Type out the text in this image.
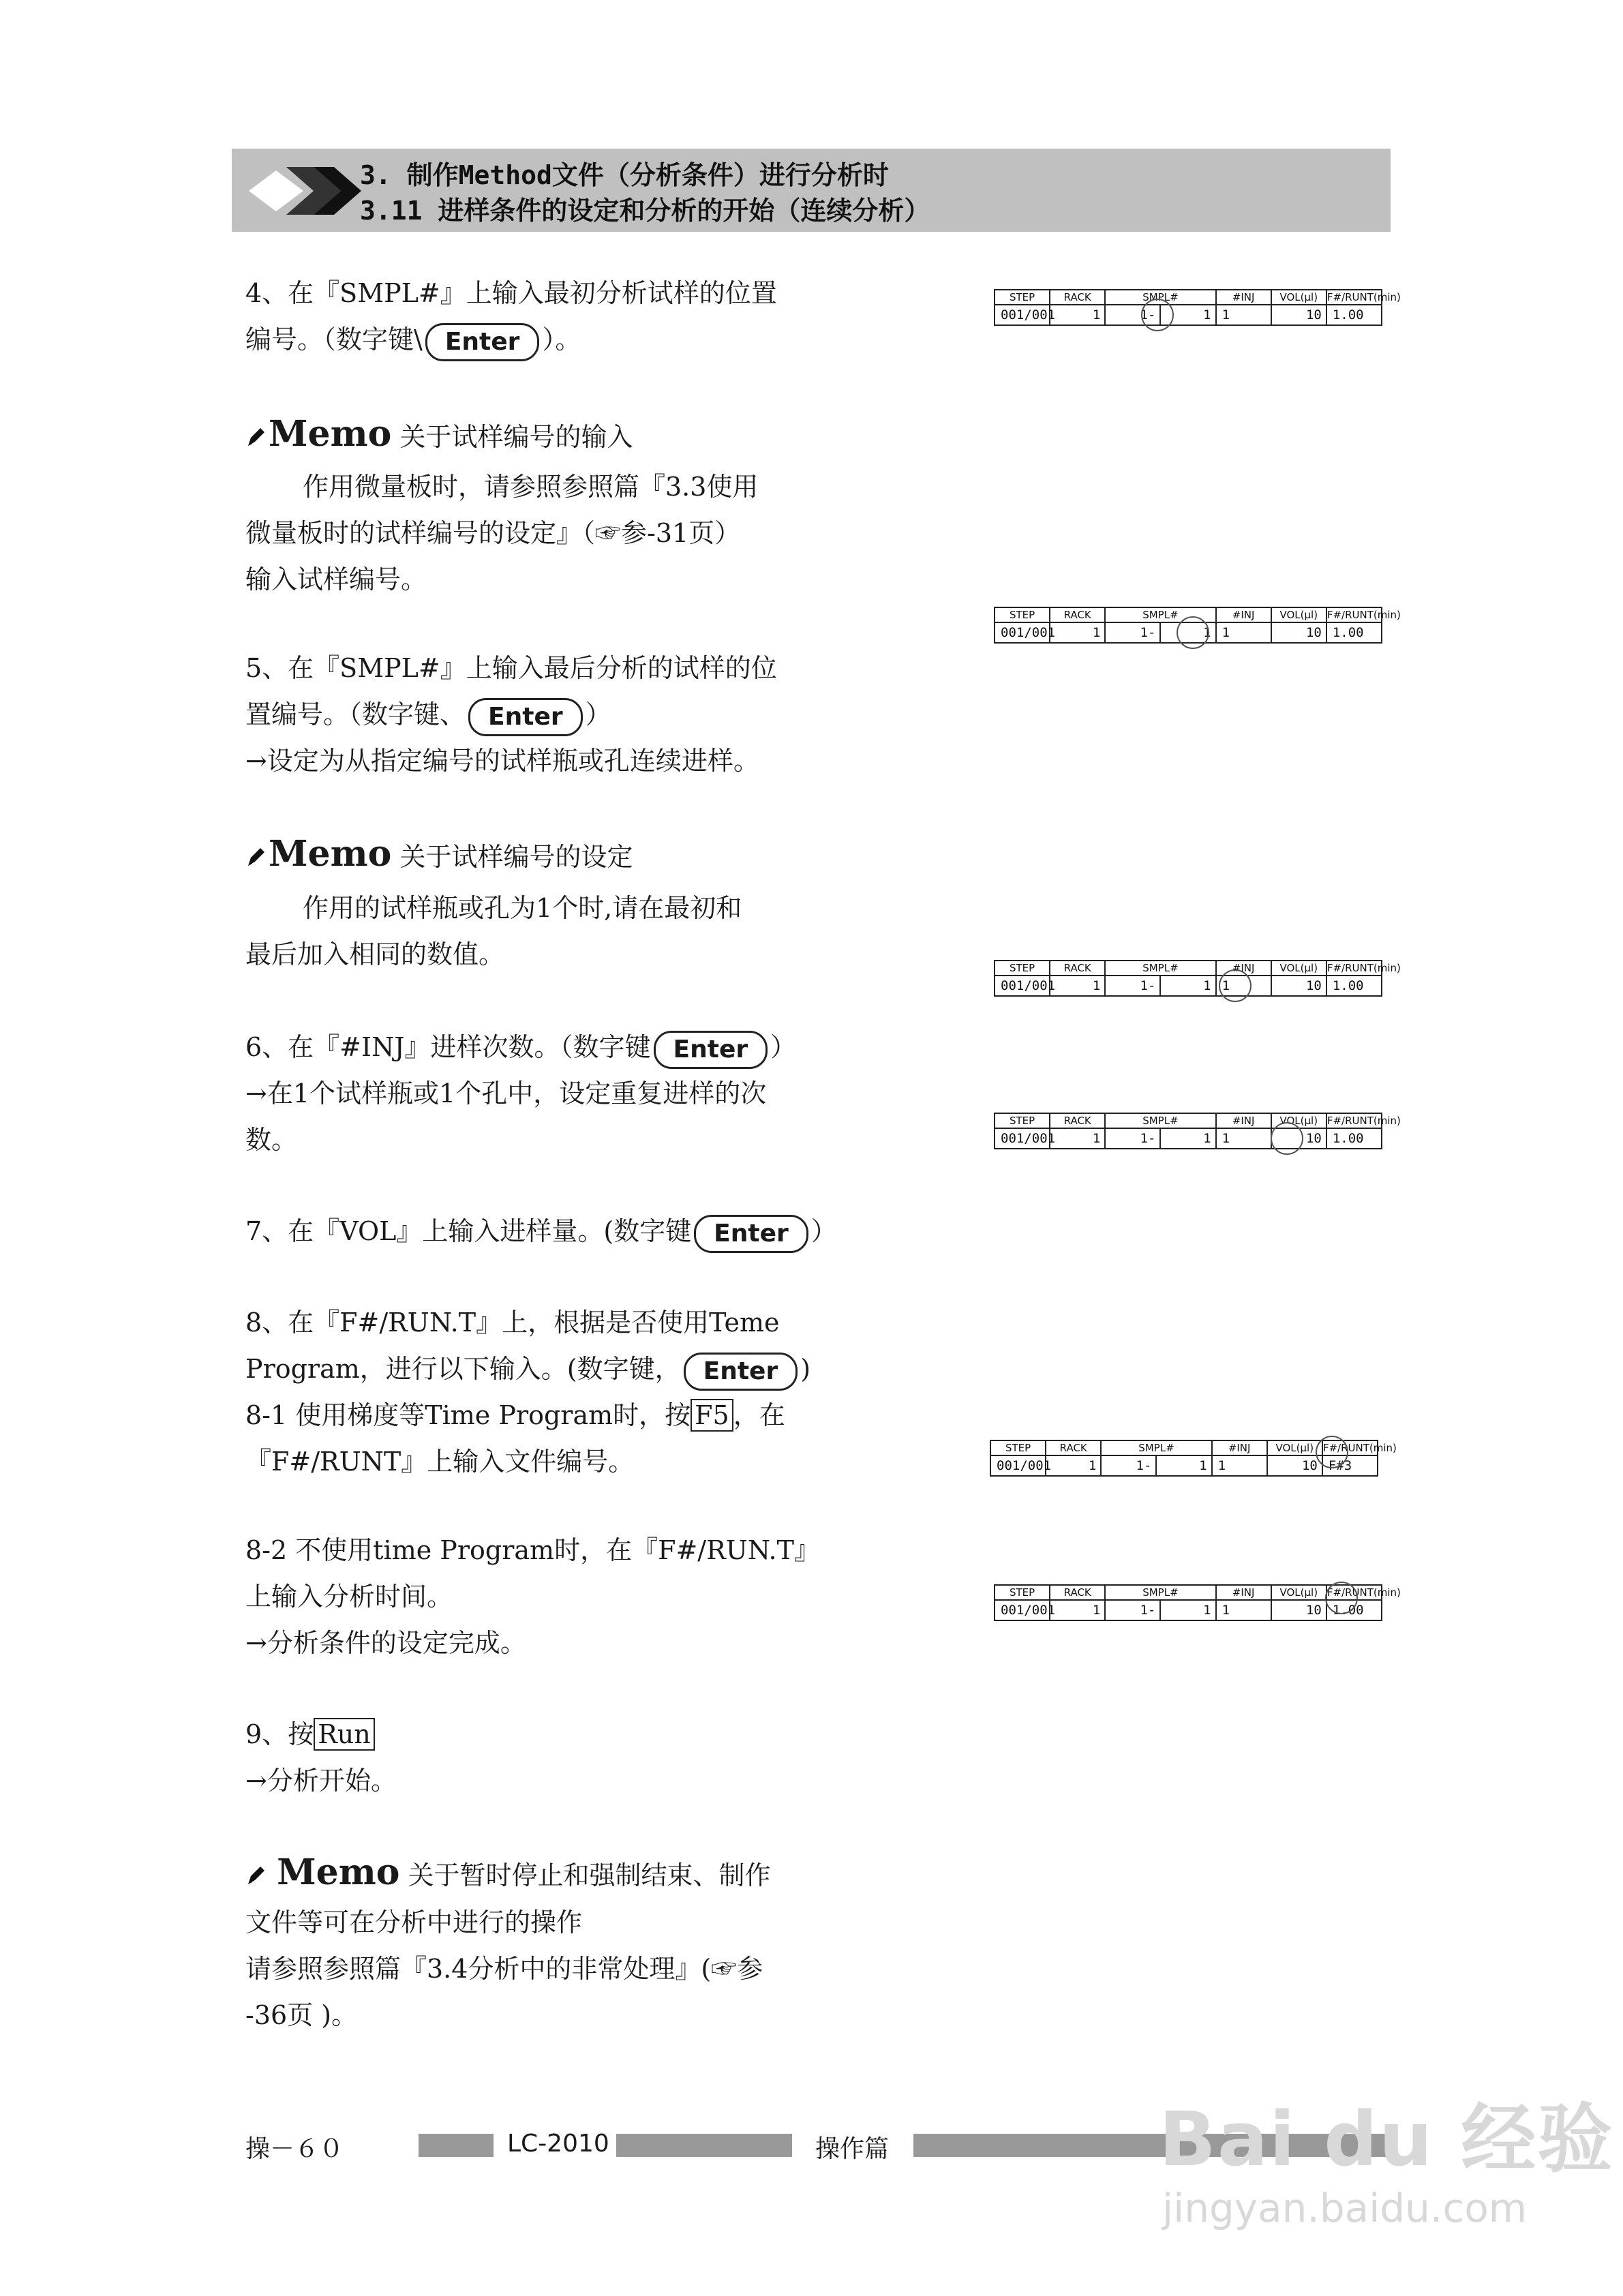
3. 制作Method文件（分析条件）进行分析时
3.11 进样条件的设定和分析的开始（连续分析）
4、在『SMPL#』上输入最初分析试样的位置
编号。（数字键\ Enter ）。
Memo 关于试样编号的输入
作用微量板时，请参照参照篇『3.3使用
微量板时的试样编号的设定』（☞参-31页）
输入试样编号。
5、在『SMPL#』上输入最后分析的试样的位
置编号。（数字键、 Enter ）
→设定为从指定编号的试样瓶或孔连续进样。
Memo 关于试样编号的设定
作用的试样瓶或孔为1个时,请在最初和
最后加入相同的数值。
6、在『#INJ』进样次数。（数字键 Enter ）
→在1个试样瓶或1个孔中，设定重复进样的次
数。
7、在『VOL』上输入进样量。(数字键 Enter ）
8、在『F#/RUN.T』上，根据是否使用Teme
Program，进行以下输入。(数字键， Enter )
8-1 使用梯度等Time Program时，按 F5 ，在
『F#/RUNT』上输入文件编号。
8-2 不使用time Program时，在『F#/RUN.T』
上输入分析时间。
→分析条件的设定完成。
9、按 Run
→分析开始。
Memo 关于暂时停止和强制结束、制作
文件等可在分析中进行的操作
请参照参照篇『3.4分析中的非常处理』(☞参
-36页 )。
STEP	RACK	SMPL#		#INJ	VOL(µl)	F#/RUNT(min)
001/001	1	1-	1	1	10	1.00
STEP	RACK	SMPL#		#INJ	VOL(µl)	F#/RUNT(min)
001/001	1	1-	1	1	10	1.00
STEP	RACK	SMPL#		#INJ	VOL(µl)	F#/RUNT(min)
001/001	1	1-	1	1	10	1.00
STEP	RACK	SMPL#		#INJ	VOL(µl)	F#/RUNT(min)
001/001	1	1-	1	1	10	1.00
STEP	RACK	SMPL#		#INJ	VOL(µl)	F#/RUNT(min)
001/001	1	1-	1	1	10	F#3
STEP	RACK	SMPL#		#INJ	VOL(µl)	F#/RUNT(min)
001/001	1	1-	1	1	10	1.00
操－６０	LC-2010	操作篇	Bai du 经验
jingyan.baidu.com
